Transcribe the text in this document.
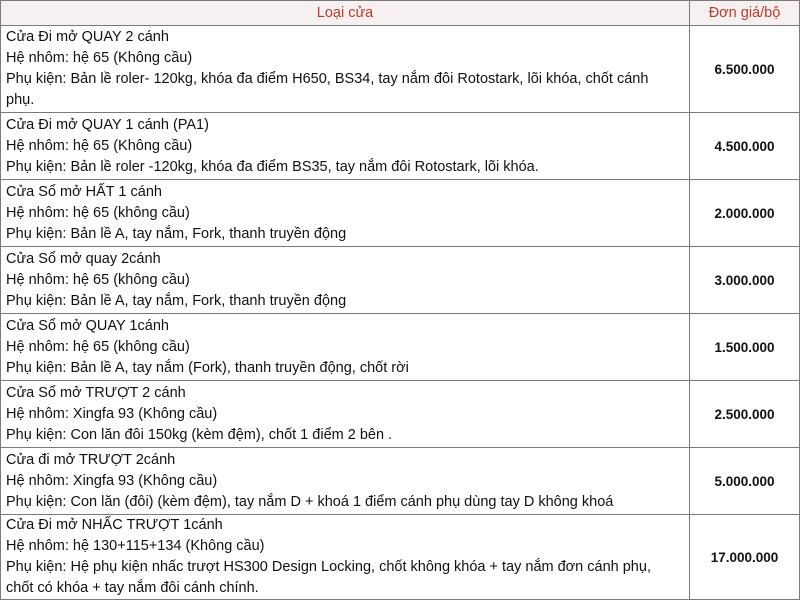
Loại cửa	Đơn giá/bộ

Cửa Đi mở QUAY 2 cánh
Hệ nhôm: hệ 65 (Không cầu)
Phụ kiện: Bản lề roler- 120kg, khóa đa điểm H650, BS34, tay nắm đôi Rotostark, lõi khóa, chốt cánh
phụ.	6.500.000

Cửa Đi mở QUAY 1 cánh (PA1)
Hệ nhôm: hệ 65 (Không cầu)
Phụ kiện: Bản lề roler -120kg, khóa đa điểm BS35, tay nắm đôi Rotostark, lõi khóa.	4.500.000

Cửa Sổ mở HẤT 1 cánh
Hệ nhôm: hệ 65 (không cầu)
Phụ kiện: Bản lề A, tay nắm, Fork, thanh truyền động	2.000.000

Cửa Sổ mở quay 2cánh
Hệ nhôm: hệ 65 (không cầu)
Phụ kiện: Bản lề A, tay nắm, Fork, thanh truyền động	3.000.000

Cửa Sổ mở QUAY 1cánh
Hệ nhôm: hệ 65 (không cầu)
Phụ kiện: Bản lề A, tay nắm (Fork), thanh truyền động, chốt rời	1.500.000

Cửa Sổ mở TRƯỢT 2 cánh
Hệ nhôm: Xingfa 93 (Không cầu)
Phụ kiện: Con lăn đôi 150kg (kèm đệm), chốt 1 điểm 2 bên .	2.500.000

Cửa đi mở TRƯỢT 2cánh
Hệ nhôm: Xingfa 93 (Không cầu)
Phụ kiện: Con lăn (đôi) (kèm đệm), tay nắm D + khoá 1 điểm cánh phụ dùng tay D không khoá	5.000.000

Cửa Đi mở NHẤC TRƯỢT 1cánh
Hệ nhôm: hệ 130+115+134 (Không cầu)
Phụ kiện: Hệ phụ kiện nhấc trượt HS300 Design Locking, chốt không khóa + tay nắm đơn cánh phụ,
chốt có khóa + tay nắm đôi cánh chính.	17.000.000
